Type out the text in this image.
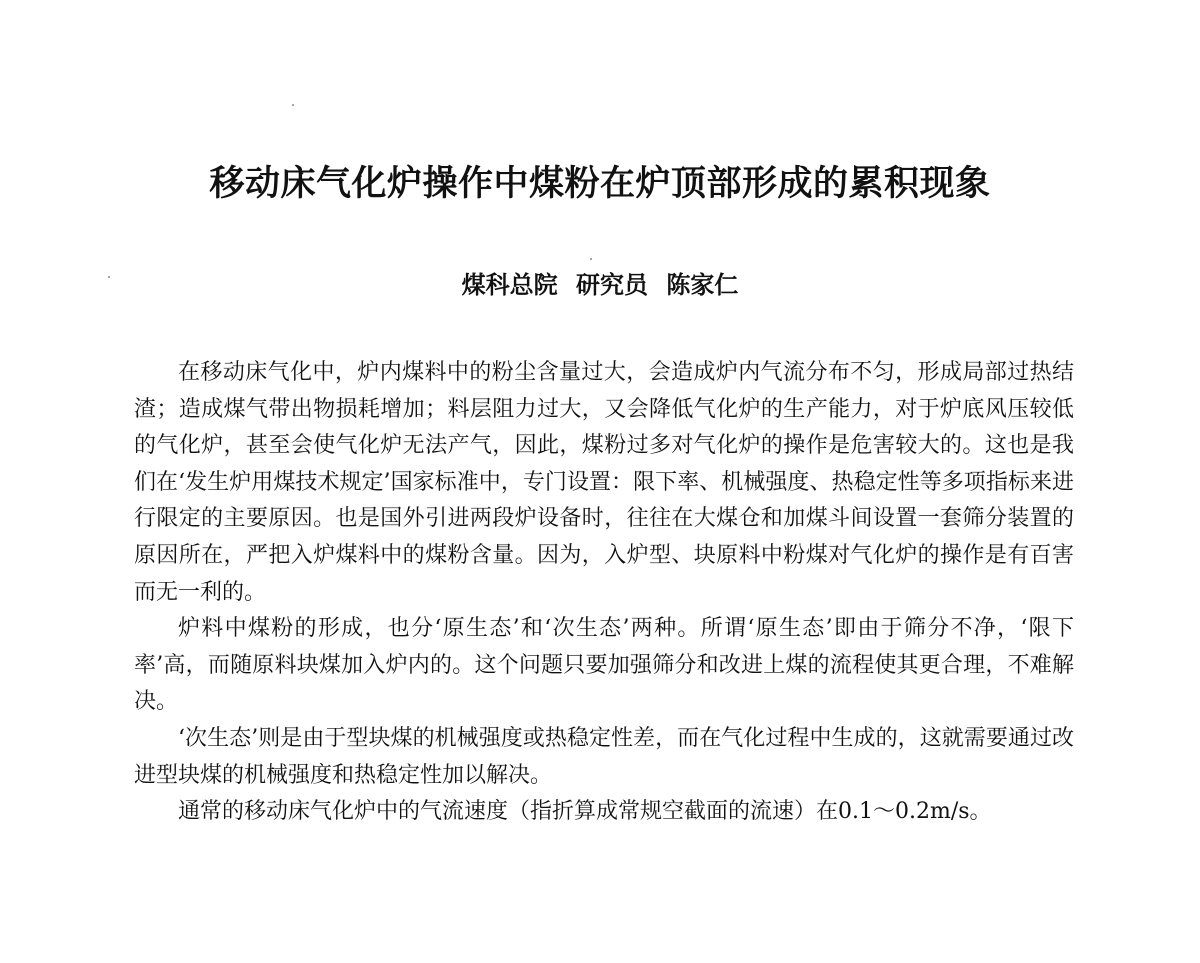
移动床气化炉操作中煤粉在炉顶部形成的累积现象
煤科总院 研究员 陈家仁

在移动床气化中，炉内煤料中的粉尘含量过大，会造成炉内气流分布不匀，形成局部过热结渣；造成煤气带出物损耗增加；料层阻力过大，又会降低气化炉的生产能力，对于炉底风压较低的气化炉，甚至会使气化炉无法产气，因此，煤粉过多对气化炉的操作是危害较大的。这也是我们在‘发生炉用煤技术规定’国家标准中，专门设置：限下率、机械强度、热稳定性等多项指标来进行限定的主要原因。也是国外引进两段炉设备时，往往在大煤仓和加煤斗间设置一套筛分装置的原因所在，严把入炉煤料中的煤粉含量。因为，入炉型、块原料中粉煤对气化炉的操作是有百害而无一利的。

炉料中煤粉的形成，也分‘原生态’和‘次生态’两种。所谓‘原生态’即由于筛分不净，‘限下率’高，而随原料块煤加入炉内的。这个问题只要加强筛分和改进上煤的流程使其更合理，不难解决。

‘次生态’则是由于型块煤的机械强度或热稳定性差，而在气化过程中生成的，这就需要通过改进型块煤的机械强度和热稳定性加以解决。

通常的移动床气化炉中的气流速度（指折算成常规空截面的流速）在0.1～0.2m/s。
